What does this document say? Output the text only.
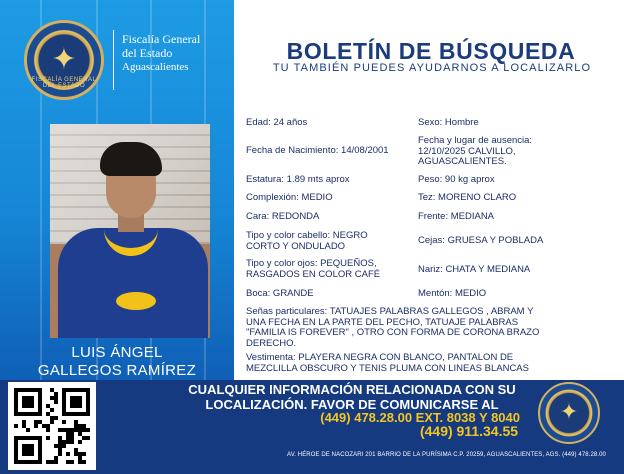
✦
FISCALÍA GENERAL DEL ESTADO
Fiscalía General
del Estado
Aguascalientes
LUIS ÁNGEL
GALLEGOS RAMÍREZ
BOLETÍN DE BÚSQUEDA
TU TAMBIÉN PUEDES AYUDARNOS A LOCALIZARLO
Edad: 24 años
Fecha de Nacimiento: 14/08/2001
Estatura: 1.89 mts aprox
Complexión: MEDIO
Cara: REDONDA
Tipo y color cabello: NEGRO
CORTO Y ONDULADO
Tipo y color ojos: PEQUEÑOS,
RASGADOS EN COLOR CAFÉ
Boca: GRANDE
Sexo: Hombre
Fecha y lugar de ausencia:
12/10/2025 CALVILLO,
AGUASCALIENTES.
Peso: 90 kg aprox
Tez: MORENO CLARO
Frente: MEDIANA
Cejas: GRUESA Y POBLADA
Nariz: CHATA Y MEDIANA
Mentón: MEDIO
Señas particulares: TATUAJES PALABRAS GALLEGOS , ABRAM Y
UNA FECHA EN LA PARTE DEL PECHO, TATUAJE PALABRAS
"FAMILIA IS FOREVER" , OTRO CON FORMA DE CORONA BRAZO
DERECHO.
Vestimenta: PLAYERA NEGRA CON BLANCO, PANTALON DE
MEZCLILLA OBSCURO Y TENIS PLUMA CON LINEAS BLANCAS
CUALQUIER INFORMACIÓN RELACIONADA CON SU
LOCALIZACIÓN. FAVOR DE COMUNICARSE AL
(449) 478.28.00 EXT. 8038 Y 8040
(449) 911.34.55
AV. HÉROE DE NACOZARI 201 BARRIO DE LA PURÍSIMA C.P. 20259, AGUASCALIENTES, AGS. (449) 478.28.00
✦
